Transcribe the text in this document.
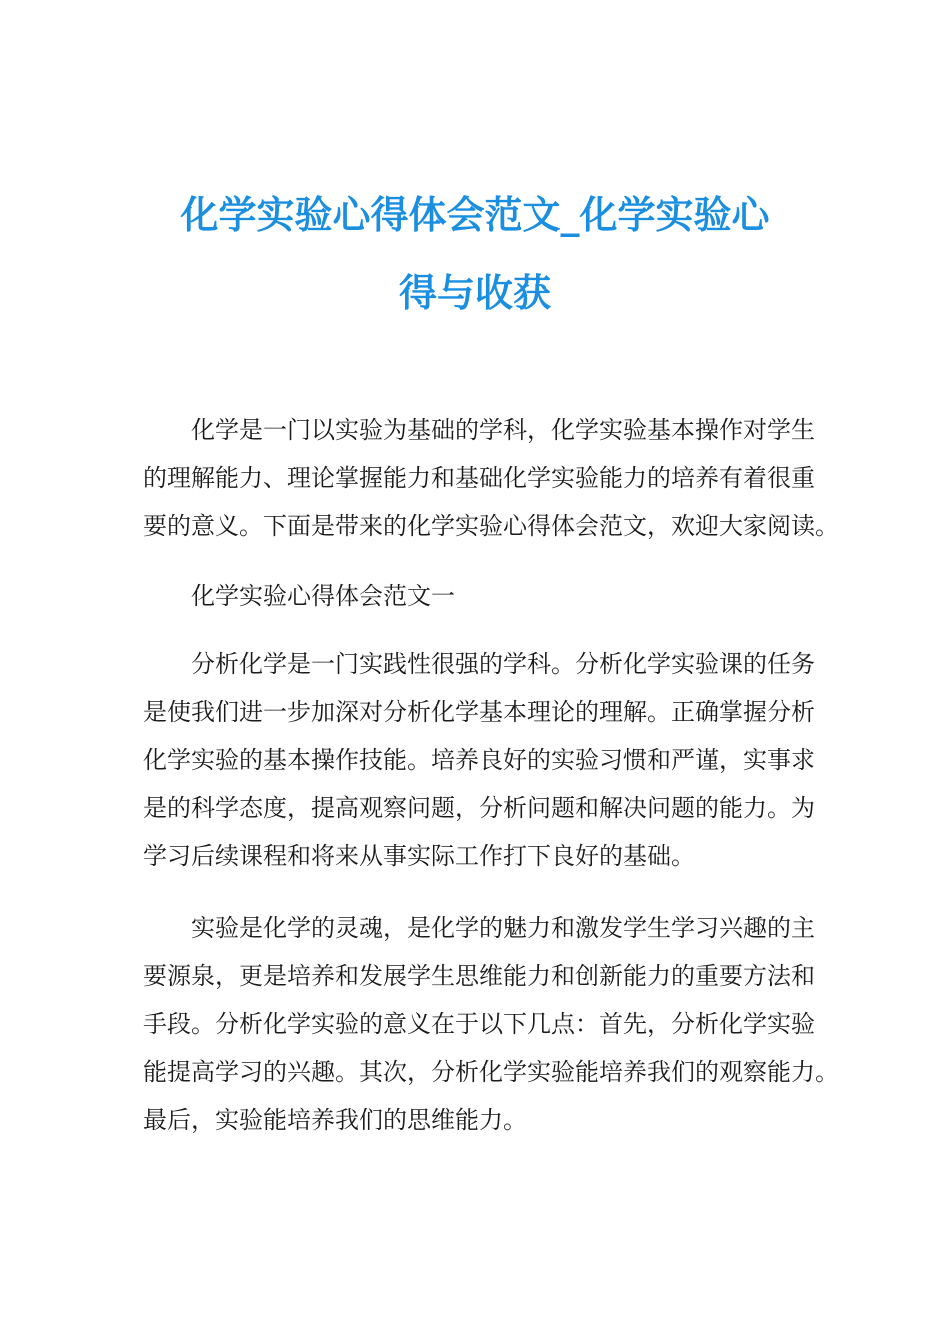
化学实验心得体会范文_化学实验心
得与收获

化学是一门以实验为基础的学科，化学实验基本操作对学生
的理解能力、理论掌握能力和基础化学实验能力的培养有着很重
要的意义。下面是带来的化学实验心得体会范文，欢迎大家阅读。

化学实验心得体会范文一

分析化学是一门实践性很强的学科。分析化学实验课的任务
是使我们进一步加深对分析化学基本理论的理解。正确掌握分析
化学实验的基本操作技能。培养良好的实验习惯和严谨，实事求
是的科学态度，提高观察问题，分析问题和解决问题的能力。为
学习后续课程和将来从事实际工作打下良好的基础。

实验是化学的灵魂，是化学的魅力和激发学生学习兴趣的主
要源泉，更是培养和发展学生思维能力和创新能力的重要方法和
手段。分析化学实验的意义在于以下几点：首先，分析化学实验
能提高学习的兴趣。其次，分析化学实验能培养我们的观察能力。
最后，实验能培养我们的思维能力。
